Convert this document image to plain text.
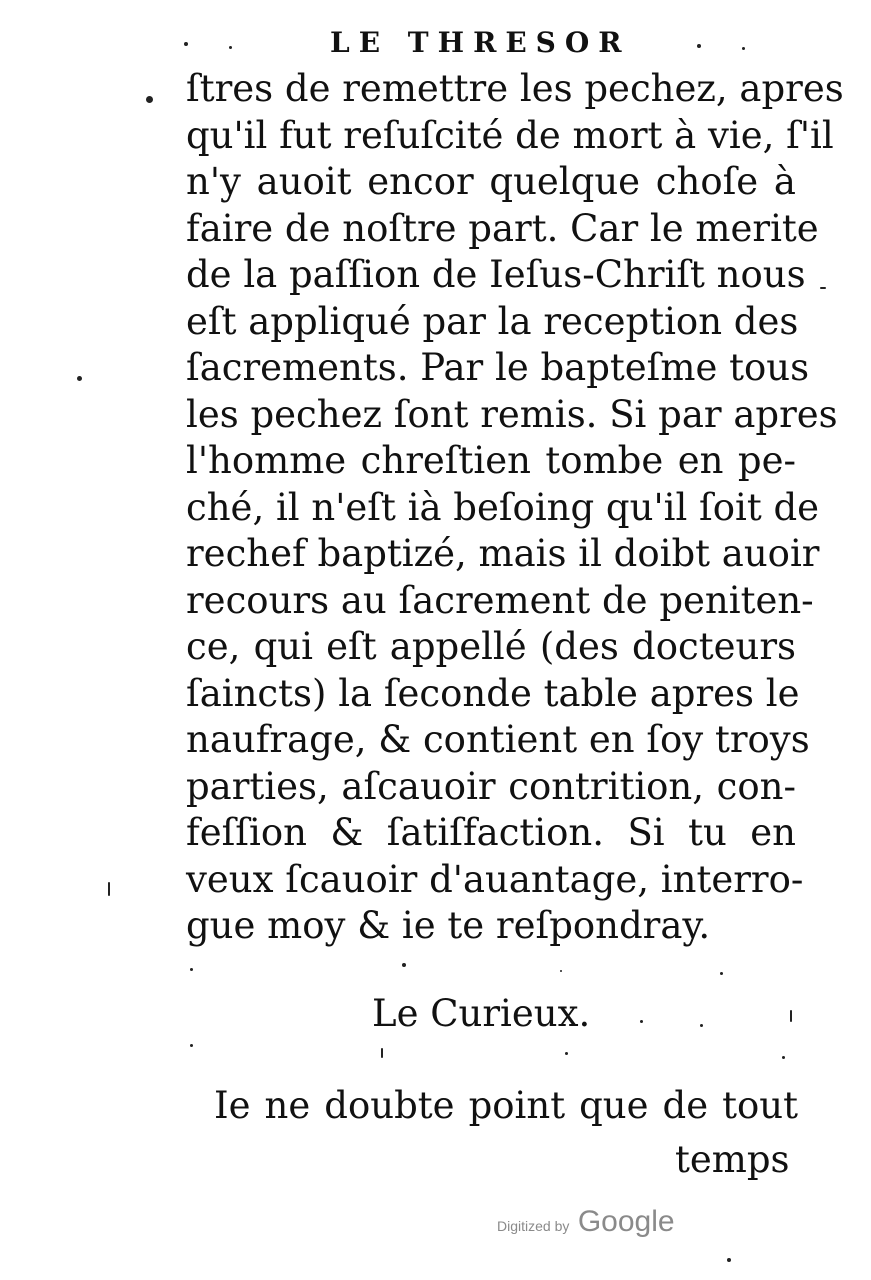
LE THRESOR
ſtres de remettre les pechez, apres
qu'il fut reſuſcité de mort à vie, ſ'il
n'y auoit encor quelque choſe à
faire de noſtre part. Car le merite
de la paſſion de Ieſus-Chriſt nous
eſt appliqué par la reception des
ſacrements. Par le bapteſme tous
les pechez ſont remis. Si par apres
l'homme chreſtien tombe en pe-
ché, il n'eſt ià beſoing qu'il ſoit de
rechef baptizé, mais il doibt auoir
recours au ſacrement de peniten-
ce, qui eſt appellé (des docteurs
ſaincts) la ſeconde table apres le
naufrage, & contient en ſoy troys
parties, aſcauoir contrition, con-
feſſion & ſatiſfaction. Si tu en
veux ſcauoir d'auantage, interro-
gue moy & ie te reſpondray.
Le Curieux.
Ie ne doubte point que de tout
temps
Digitized by Google
